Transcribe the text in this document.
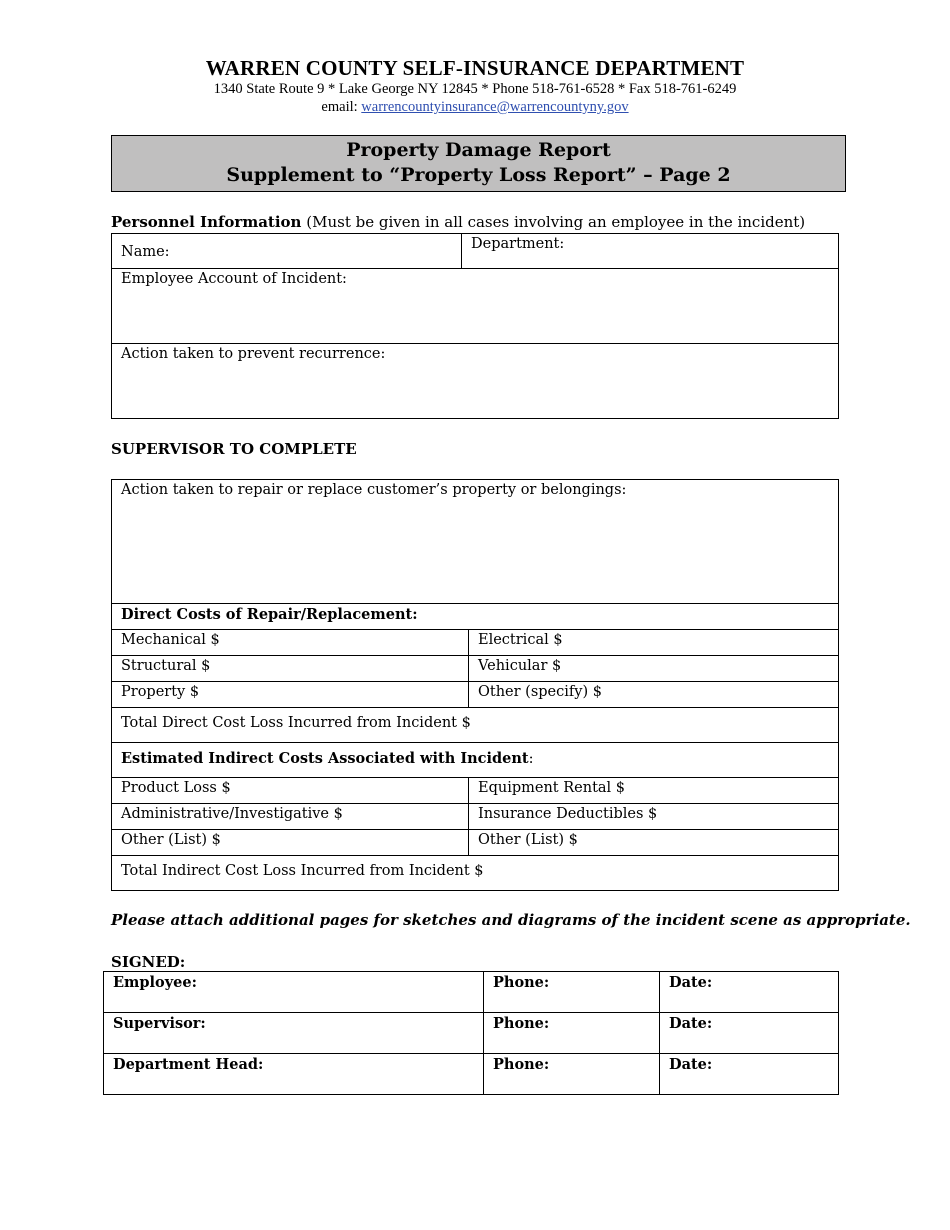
WARREN COUNTY SELF-INSURANCE DEPARTMENT
1340 State Route 9 * Lake George NY 12845 * Phone 518-761-6528 * Fax 518-761-6249
email: warrencountyinsurance@warrencountyny.gov
Property Damage Report
Supplement to “Property Loss Report” – Page 2
Personnel Information (Must be given in all cases involving an employee in the incident)
Name:	Department:
Employee Account of Incident:
Action taken to prevent recurrence:
SUPERVISOR TO COMPLETE
Action taken to repair or replace customer’s property or belongings:	
Direct Costs of Repair/Replacement:	
Mechanical $	Electrical $
Structural $	Vehicular $
Property $	Other (specify) $
Total Direct Cost Loss Incurred from Incident $	
Estimated Indirect Costs Associated with Incident:	
Product Loss $	Equipment Rental $
Administrative/Investigative $	Insurance Deductibles $
Other (List) $	Other (List) $
Total Indirect Cost Loss Incurred from Incident $	
Please attach additional pages for sketches and diagrams of the incident scene as appropriate.
SIGNED:
Employee:	Phone:	Date:
Supervisor:	Phone:	Date:
Department Head:	Phone:	Date:
